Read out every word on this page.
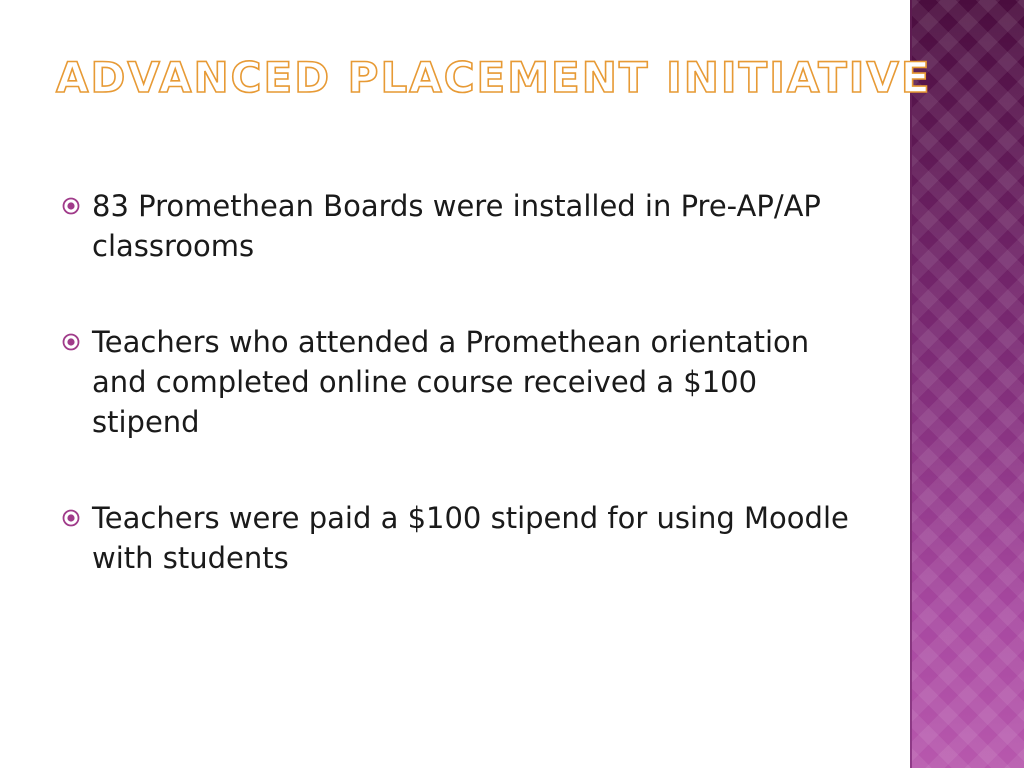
ADVANCED PLACEMENT INITIATIVE
83 Promethean Boards were installed in Pre-AP/AP classrooms
Teachers who attended a Promethean orientation and completed online course received a $100 stipend
Teachers were paid a $100 stipend for using Moodle with students
